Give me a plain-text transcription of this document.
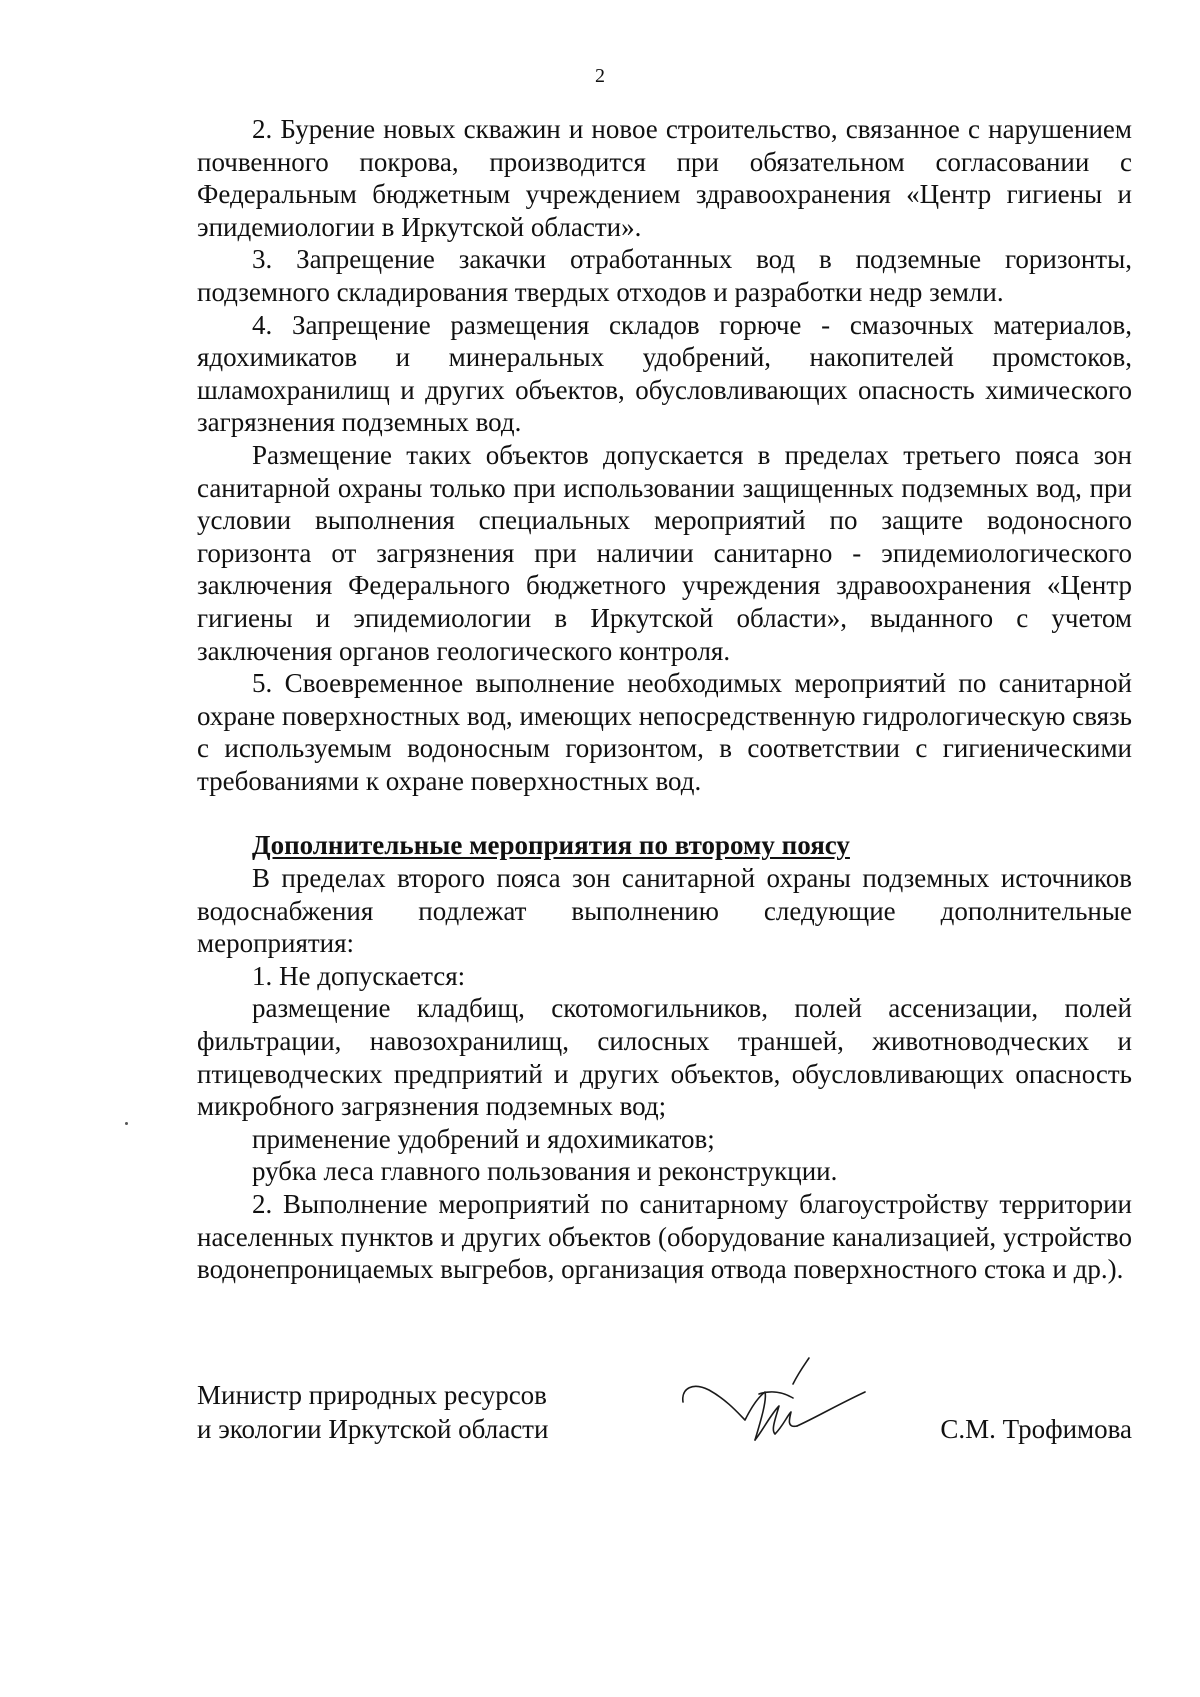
2

2. Бурение новых скважин и новое строительство, связанное с нарушением почвенного покрова, производится при обязательном согласовании с Федеральным бюджетным учреждением здравоохранения «Центр гигиены и эпидемиологии в Иркутской области».

3. Запрещение закачки отработанных вод в подземные горизонты, подземного складирования твердых отходов и разработки недр земли.

4. Запрещение размещения складов горюче - смазочных материалов, ядохимикатов и минеральных удобрений, накопителей промстоков, шламохранилищ и других объектов, обусловливающих опасность химического загрязнения подземных вод.

Размещение таких объектов допускается в пределах третьего пояса зон санитарной охраны только при использовании защищенных подземных вод, при условии выполнения специальных мероприятий по защите водоносного горизонта от загрязнения при наличии санитарно - эпидемиологического заключения Федерального бюджетного учреждения здравоохранения «Центр гигиены и эпидемиологии в Иркутской области», выданного с учетом заключения органов геологического контроля.

5. Своевременное выполнение необходимых мероприятий по санитарной охране поверхностных вод, имеющих непосредственную гидрологическую связь с используемым водоносным горизонтом, в соответствии с гигиеническими требованиями к охране поверхностных вод.

Дополнительные мероприятия по второму поясу

В пределах второго пояса зон санитарной охраны подземных источников водоснабжения подлежат выполнению следующие дополнительные мероприятия:

1. Не допускается:

размещение кладбищ, скотомогильников, полей ассенизации, полей фильтрации, навозохранилищ, силосных траншей, животноводческих и птицеводческих предприятий и других объектов, обусловливающих опасность микробного загрязнения подземных вод;

применение удобрений и ядохимикатов;

рубка леса главного пользования и реконструкции.

2. Выполнение мероприятий по санитарному благоустройству территории населенных пунктов и других объектов (оборудование канализацией, устройство водонепроницаемых выгребов, организация отвода поверхностного стока и др.).

Министр природных ресурсов
и экологии Иркутской области	С.М. Трофимова
